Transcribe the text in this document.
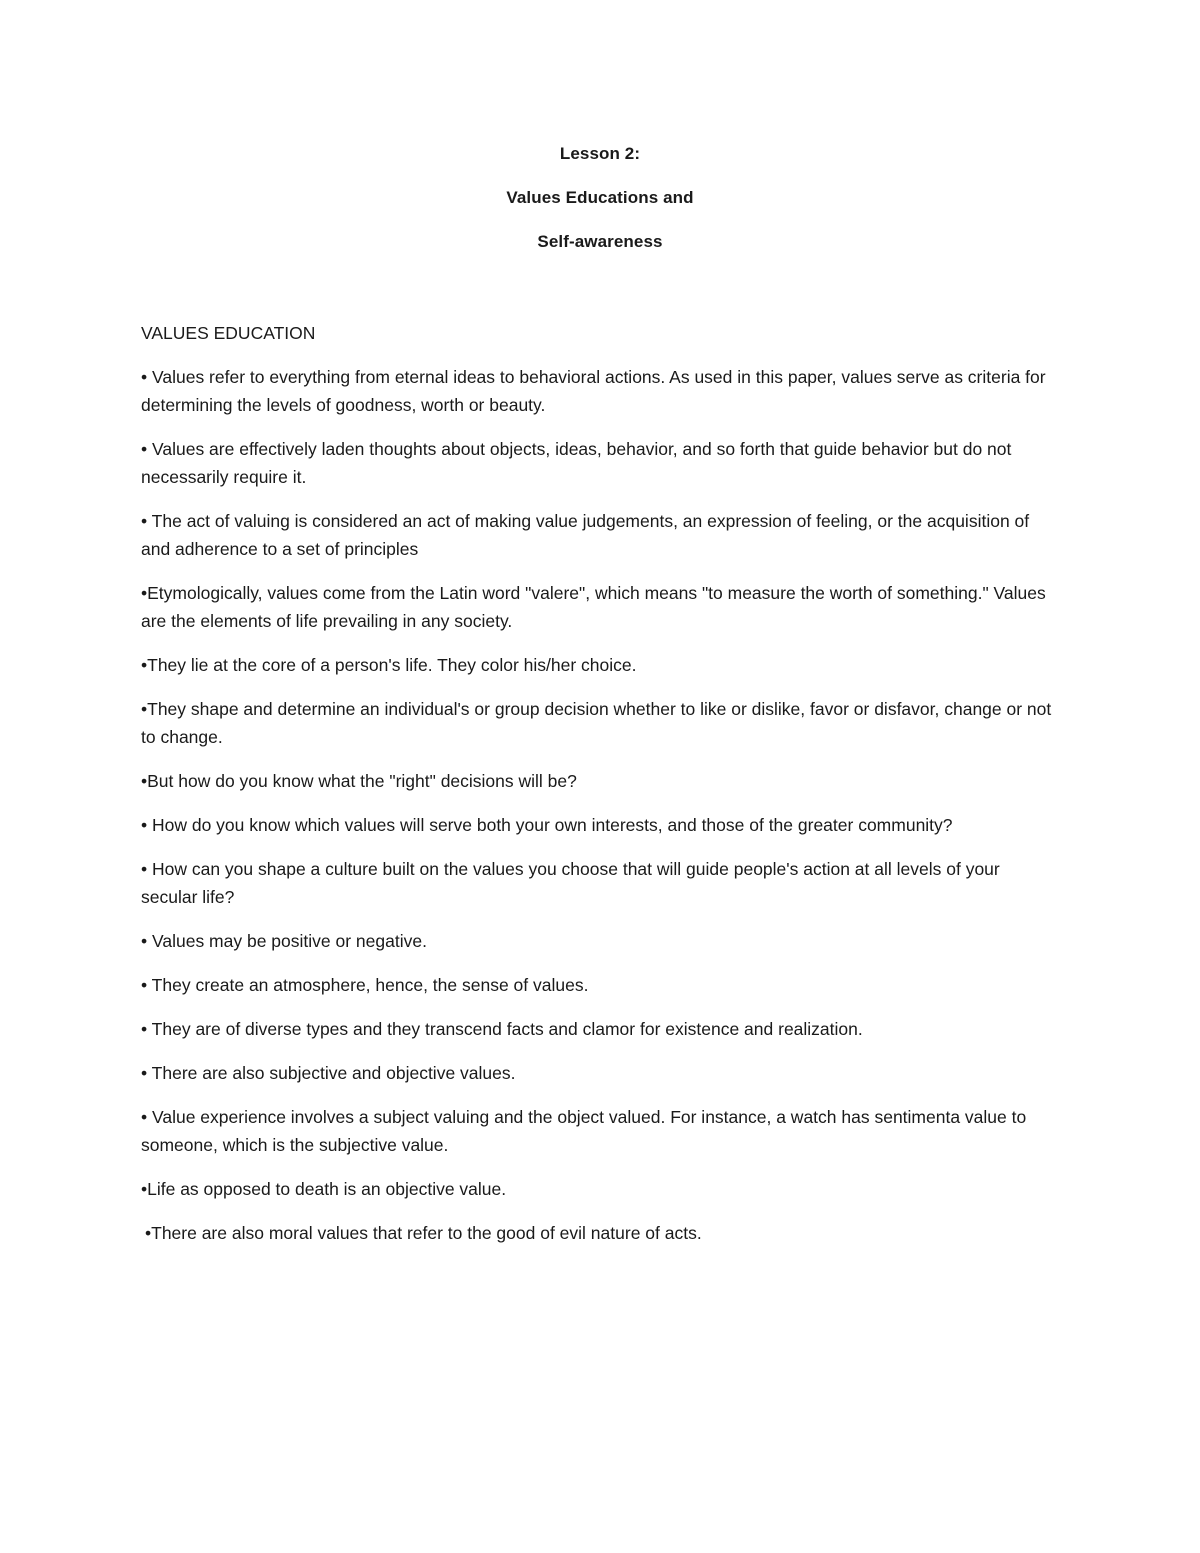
Lesson 2:
Values Educations and
Self-awareness
VALUES EDUCATION
• Values refer to everything from eternal ideas to behavioral actions. As used in this paper, values serve as criteria for determining the levels of goodness, worth or beauty.
• Values are effectively laden thoughts about objects, ideas, behavior, and so forth that guide behavior but do not necessarily require it.
• The act of valuing is considered an act of making value judgements, an expression of feeling, or the acquisition of and adherence to a set of principles
•Etymologically, values come from the Latin word "valere", which means "to measure the worth of something." Values are the elements of life prevailing in any society.
•They lie at the core of a person's life. They color his/her choice.
•They shape and determine an individual's or group decision whether to like or dislike, favor or disfavor, change or not to change.
•But how do you know what the "right" decisions will be?
• How do you know which values will serve both your own interests, and those of the greater community?
• How can you shape a culture built on the values you choose that will guide people's action at all levels of your secular life?
• Values may be positive or negative.
• They create an atmosphere, hence, the sense of values.
• They are of diverse types and they transcend facts and clamor for existence and realization.
• There are also subjective and objective values.
• Value experience involves a subject valuing and the object valued. For instance, a watch has sentimenta value to someone, which is the subjective value.
•Life as opposed to death is an objective value.
•There are also moral values that refer to the good of evil nature of acts.
